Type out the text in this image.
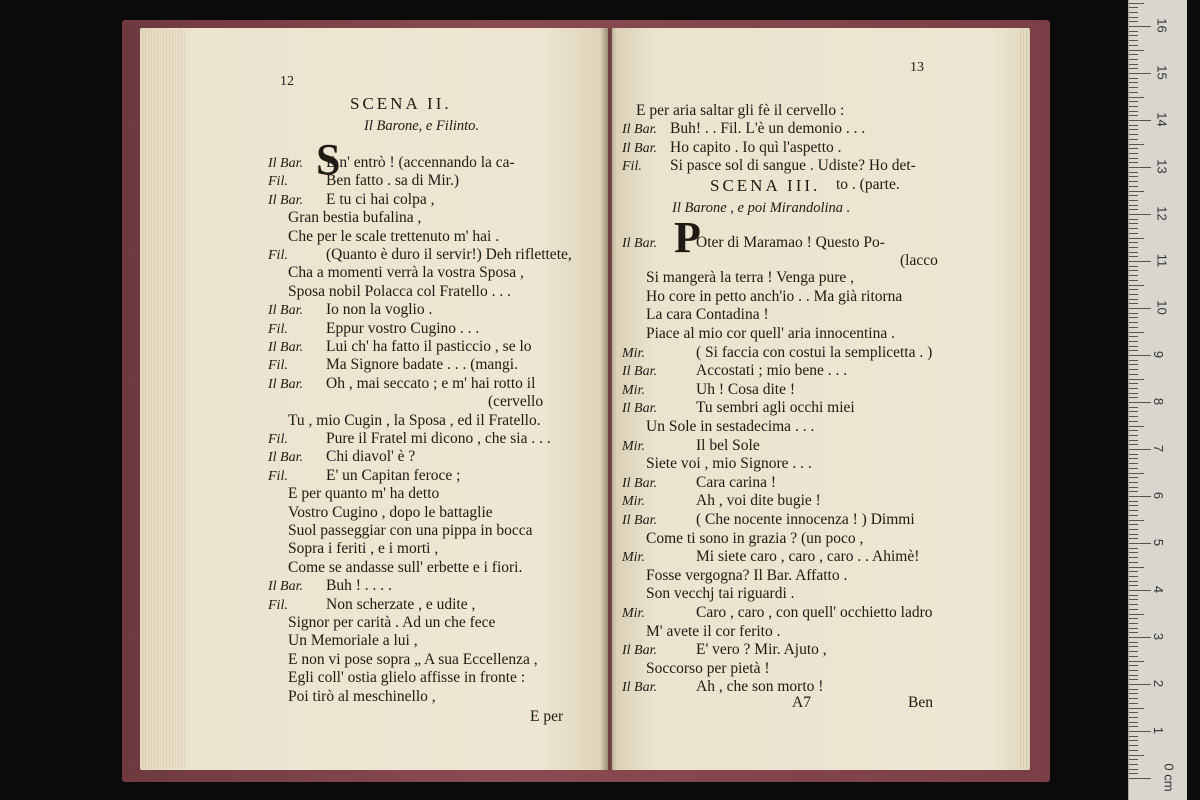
12
SCENA II.
Il Barone, e Filinto.
S
Il Bar. E n' entrò ! (accennando la ca-
Fil. Ben fatto . sa di Mir.)
Il Bar. E tu ci hai colpa ,
Gran bestia bufalina ,
Che per le scale trettenuto m' hai .
Fil. (Quanto è duro il servir!) Deh riflettete,
Cha a momenti verrà la vostra Sposa ,
Sposa nobil Polacca col Fratello . . .
Il Bar. Io non la voglio .
Fil. Eppur vostro Cugino . . .
Il Bar. Lui ch' ha fatto il pasticcio , se lo
Fil. Ma Signore badate . . . (mangi.
Il Bar. Oh , mai seccato ; e m' hai rotto il
(cervello
Tu , mio Cugin , la Sposa , ed il Fratello.
Fil. Pure il Fratel mi dicono , che sia . . .
Il Bar. Chi diavol' è ?
Fil. E' un Capitan feroce ;
E per quanto m' ha detto
Vostro Cugino , dopo le battaglie
Suol passeggiar con una pippa in bocca
Sopra i feriti , e i morti ,
Come se andasse sull' erbette e i fiori.
Il Bar. Buh ! . . . .
Fil. Non scherzate , e udite ,
Signor per carità . Ad un che fece
Un Memoriale a lui ,
E non vi pose sopra „ A sua Eccellenza ,
Egli coll' ostia glielo affisse in fronte :
Poi tirò al meschinello ,
E per
13
E per aria saltar gli fè il cervello :
Il Bar. Buh! . . Fil. L'è un demonio . . .
Il Bar. Ho capito . Io quì l'aspetto .
Fil. Si pasce sol di sangue . Udiste? Ho det-
to . (parte.
SCENA III.
Il Barone , e poi Mirandolina .
P
Il Bar.	Oter di Maramao ! Questo Po-
(lacco
Si mangerà la terra ! Venga pure ,
Ho core in petto anch'io . . Ma già ritorna
La cara Contadina !
Piace al mio cor quell' aria innocentina .
Mir.	( Si faccia con costui la semplicetta . )
Il Bar.	Accostati ; mio bene . . .
Mir.	Uh ! Cosa dite !
Il Bar.	Tu sembri agli occhi miei
Un Sole in sestadecima . . .
Mir.	Il bel Sole
Siete voi , mio Signore . . .
Il Bar.	Cara carina !
Mir.	Ah , voi dite bugie !
Il Bar.	( Che nocente innocenza ! ) Dimmi
Come ti sono in grazia ? (un poco ,
Mir.	Mi siete caro , caro , caro . . Ahimè!
Fosse vergogna? Il Bar. Affatto .
Son vecchj tai riguardi .
Mir.	Caro , caro , con quell' occhietto ladro
M' avete il cor ferito .
Il Bar.	E' vero ? Mir. Ajuto ,
Soccorso per pietà !
Il Bar.	Ah , che son morto !
A7	Ben
0 cm
1
2
3
4
5
6
7
8
9
10
11
12
13
14
15
16
